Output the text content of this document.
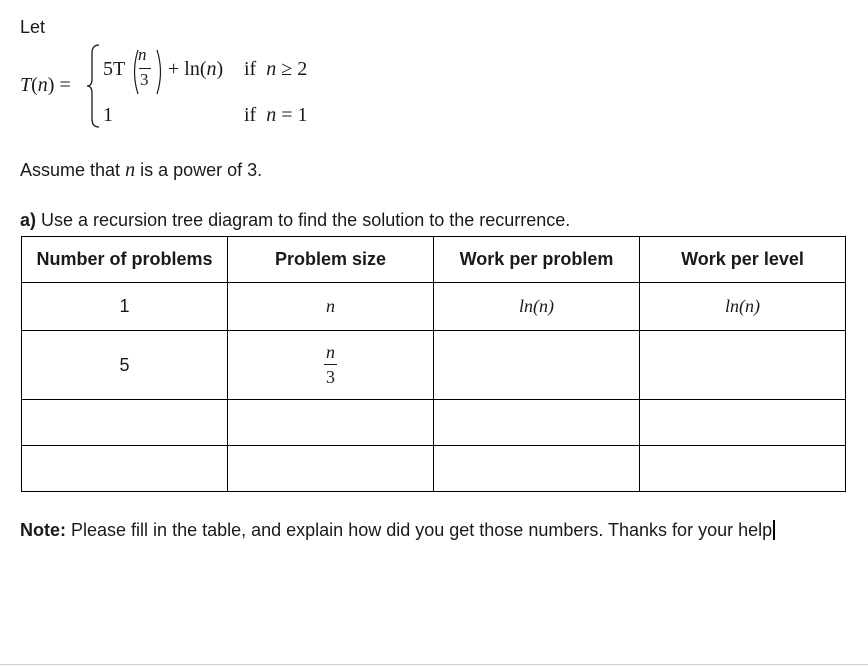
Let
T(n) =
5T
n
3 + ln(n) if n ≥ 2
1	if n = 1
Assume that n is a power of 3.
a) Use a recursion tree diagram to find the solution to the recurrence.
Number of problems	Problem size	Work per problem	Work per level
1	n	ln(n)	ln(n)
5	$\frac{n}{3}$

Note: Please fill in the table, and explain how did you get those numbers. Thanks for your help
